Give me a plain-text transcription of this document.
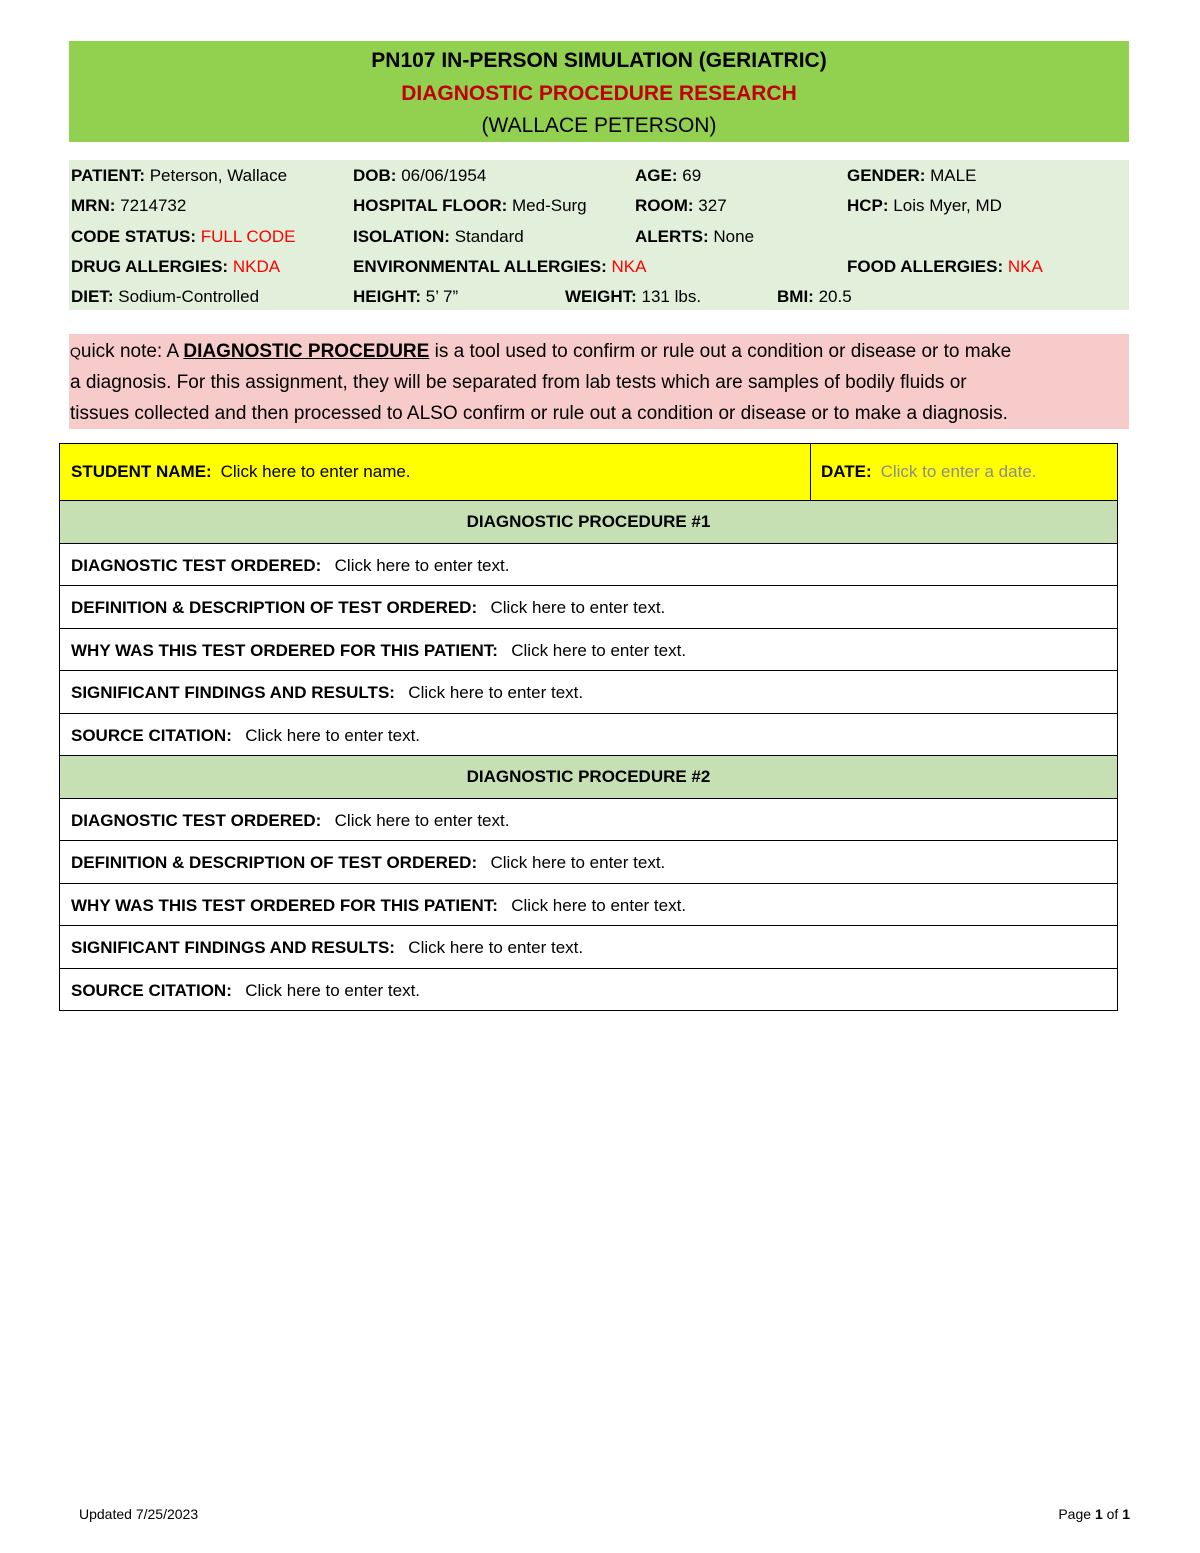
PN107 IN-PERSON SIMULATION (GERIATRIC)
DIAGNOSTIC PROCEDURE RESEARCH
(WALLACE PETERSON)
PATIENT: Peterson, Wallace	DOB: 06/06/1954	AGE: 69	GENDER: MALE
MRN: 7214732	HOSPITAL FLOOR: Med-Surg	ROOM: 327	HCP: Lois Myer, MD
CODE STATUS: FULL CODE	ISOLATION: Standard	ALERTS: None
DRUG ALLERGIES: NKDA	ENVIRONMENTAL ALLERGIES: NKA	FOOD ALLERGIES: NKA
DIET: Sodium-Controlled	HEIGHT: 5’ 7”	WEIGHT: 131 lbs.	BMI: 20.5
Quick note: A DIAGNOSTIC PROCEDURE is a tool used to confirm or rule out a condition or disease or to make
a diagnosis. For this assignment, they will be separated from lab tests which are samples of bodily fluids or
tissues collected and then processed to ALSO confirm or rule out a condition or disease or to make a diagnosis.
STUDENT NAME: Click here to enter name.	DATE: Click to enter a date.
DIAGNOSTIC PROCEDURE #1
DIAGNOSTIC TEST ORDERED: Click here to enter text.
DEFINITION & DESCRIPTION OF TEST ORDERED: Click here to enter text.
WHY WAS THIS TEST ORDERED FOR THIS PATIENT: Click here to enter text.
SIGNIFICANT FINDINGS AND RESULTS: Click here to enter text.
SOURCE CITATION: Click here to enter text.
DIAGNOSTIC PROCEDURE #2
DIAGNOSTIC TEST ORDERED: Click here to enter text.
DEFINITION & DESCRIPTION OF TEST ORDERED: Click here to enter text.
WHY WAS THIS TEST ORDERED FOR THIS PATIENT: Click here to enter text.
SIGNIFICANT FINDINGS AND RESULTS: Click here to enter text.
SOURCE CITATION: Click here to enter text.
Updated 7/25/2023	Page 1 of 1
